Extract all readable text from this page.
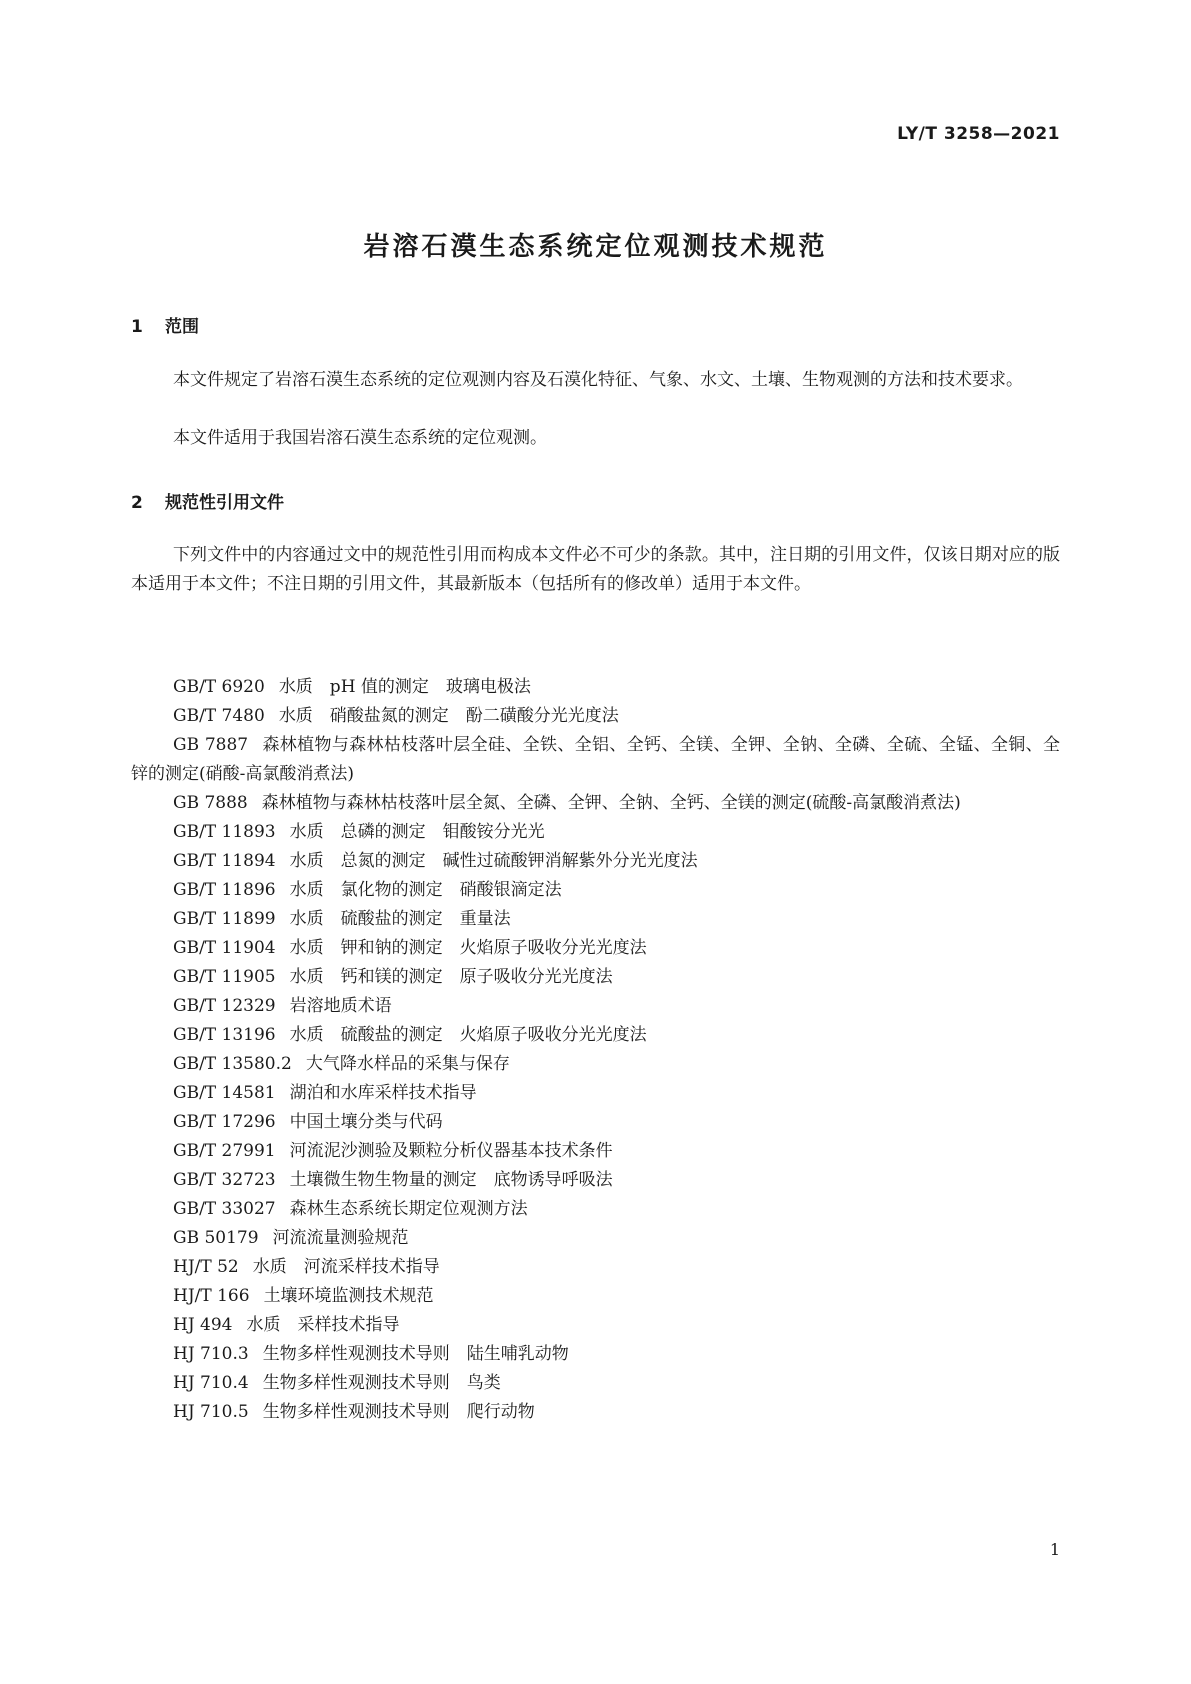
LY/T 3258—2021
岩溶石漠生态系统定位观测技术规范
1 范围

本文件规定了岩溶石漠生态系统的定位观测内容及石漠化特征、气象、水文、土壤、生物观测的方法和技术要求。

本文件适用于我国岩溶石漠生态系统的定位观测。

2 规范性引用文件

下列文件中的内容通过文中的规范性引用而构成本文件必不可少的条款。其中，注日期的引用文件，仅该日期对应的版本适用于本文件；不注日期的引用文件，其最新版本（包括所有的修改单）适用于本文件。

GB/T 6920 水质　pH 值的测定　玻璃电极法
GB/T 7480 水质　硝酸盐氮的测定　酚二磺酸分光光度法
GB 7887 森林植物与森林枯枝落叶层全硅、全铁、全铝、全钙、全镁、全钾、全钠、全磷、全硫、全锰、全铜、全锌的测定(硝酸-高氯酸消煮法)
GB 7888 森林植物与森林枯枝落叶层全氮、全磷、全钾、全钠、全钙、全镁的测定(硫酸-高氯酸消煮法)
GB/T 11893 水质　总磷的测定　钼酸铵分光光
GB/T 11894 水质　总氮的测定　碱性过硫酸钾消解紫外分光光度法
GB/T 11896 水质　氯化物的测定　硝酸银滴定法
GB/T 11899 水质　硫酸盐的测定　重量法
GB/T 11904 水质　钾和钠的测定　火焰原子吸收分光光度法
GB/T 11905 水质　钙和镁的测定　原子吸收分光光度法
GB/T 12329 岩溶地质术语
GB/T 13196 水质　硫酸盐的测定　火焰原子吸收分光光度法
GB/T 13580.2 大气降水样品的采集与保存
GB/T 14581 湖泊和水库采样技术指导
GB/T 17296 中国土壤分类与代码
GB/T 27991 河流泥沙测验及颗粒分析仪器基本技术条件
GB/T 32723 土壤微生物生物量的测定　底物诱导呼吸法
GB/T 33027 森林生态系统长期定位观测方法
GB 50179 河流流量测验规范
HJ/T 52 水质　河流采样技术指导
HJ/T 166 土壤环境监测技术规范
HJ 494 水质　采样技术指导
HJ 710.3 生物多样性观测技术导则　陆生哺乳动物
HJ 710.4 生物多样性观测技术导则　鸟类
HJ 710.5 生物多样性观测技术导则　爬行动物
1
